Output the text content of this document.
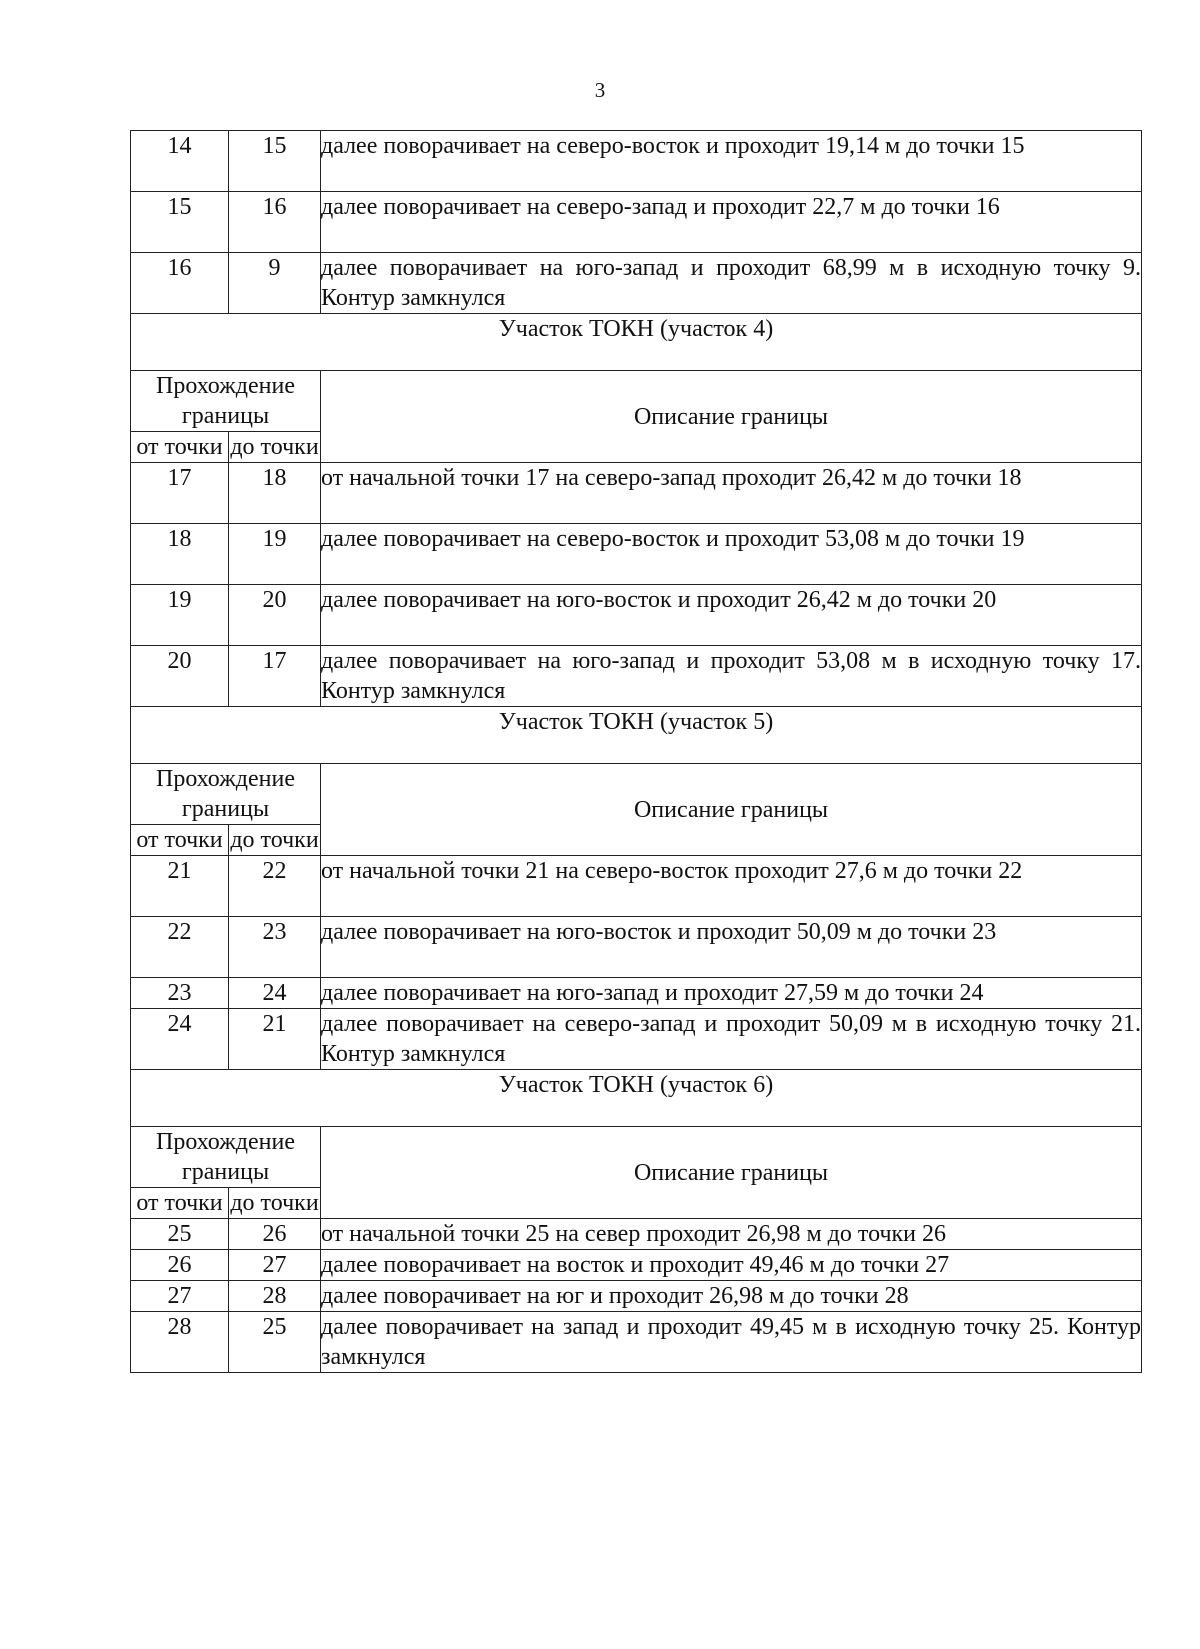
3
14	15	далее поворачивает на северо-восток и проходит 19,14 м до точки 15
15	16	далее поворачивает на северо-запад и проходит 22,7 м до точки 16
16	9	далее поворачивает на юго-запад и проходит 68,99 м в исходную точку 9. Контур замкнулся
Участок ТОКН (участок 4)		
Прохождение границы		Описание границы
от точки	до точки	
17	18	от начальной точки 17 на северо-запад проходит 26,42 м до точки 18
18	19	далее поворачивает на северо-восток и проходит 53,08 м до точки 19
19	20	далее поворачивает на юго-восток и проходит 26,42 м до точки 20
20	17	далее поворачивает на юго-запад и проходит 53,08 м в исходную точку 17. Контур замкнулся
Участок ТОКН (участок 5)		
Прохождение границы		Описание границы
от точки	до точки	
21	22	от начальной точки 21 на северо-восток проходит 27,6 м до точки 22
22	23	далее поворачивает на юго-восток и проходит 50,09 м до точки 23
23	24	далее поворачивает на юго-запад и проходит 27,59 м до точки 24
24	21	далее поворачивает на северо-запад и проходит 50,09 м в исходную точку 21. Контур замкнулся
Участок ТОКН (участок 6)		
Прохождение границы		Описание границы
от точки	до точки	
25	26	от начальной точки 25 на север проходит 26,98 м до точки 26
26	27	далее поворачивает на восток и проходит 49,46 м до точки 27
27	28	далее поворачивает на юг и проходит 26,98 м до точки 28
28	25	далее поворачивает на запад и проходит 49,45 м в исходную точку 25. Контур замкнулся
